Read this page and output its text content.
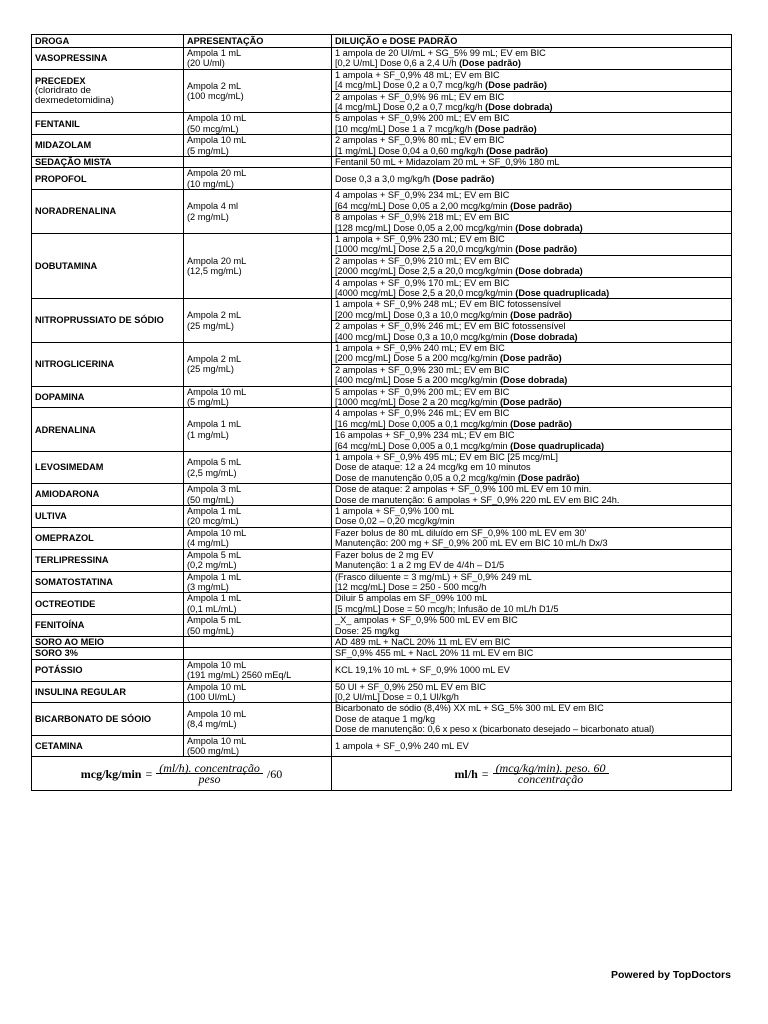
DROGA	APRESENTAÇÃO	DILUIÇÃO e DOSE PADRÃO

VASOPRESSINA	Ampola 1 mL
(20 U/ml)	1 ampola de 20 UI/mL + SG_5% 99 mL; EV em BIC
[0,2 U/mL] Dose 0,6 a 2,4 U/h (Dose padrão)

PRECEDEX
(cloridrato de
dexmedetomidina)	Ampola 2 mL
(100 mcg/mL)	1 ampola + SF_0,9% 48 mL; EV em BIC
[4 mcg/mL] Dose 0,2 a 0,7 mcg/kg/h (Dose padrão)

		2 ampolas + SF_0,9% 96 mL; EV em BIC
[4 mcg/mL] Dose 0,2 a 0,7 mcg/kg/h (Dose dobrada)

FENTANIL	Ampola 10 mL
(50 mcg/mL)	5 ampolas + SF_0,9% 200 mL; EV em BIC
[10 mcg/mL] Dose 1 a 7 mcg/kg/h (Dose padrão)

MIDAZOLAM	Ampola 10 mL
(5 mg/mL)	2 ampolas + SF_0,9% 80 mL; EV em BIC
[1 mg/mL] Dose 0,04 a 0,60 mg/kg/h (Dose padrão)

SEDAÇÃO MISTA		Fentanil 50 mL + Midazolam 20 mL + SF_0,9% 180 mL

PROPOFOL	Ampola 20 mL
(10 mg/mL)	Dose 0,3 a 3,0 mg/kg/h (Dose padrão)

NORADRENALINA	Ampola 4 ml
(2 mg/mL)	4 ampolas + SF_0,9% 234 mL; EV em BIC
[64 mcg/mL] Dose 0,05 a 2,00 mcg/kg/min (Dose padrão)

		8 ampolas + SF_0,9% 218 mL; EV em BIC
[128 mcg/mL] Dose 0,05 a 2,00 mcg/kg/min (Dose dobrada)

DOBUTAMINA	Ampola 20 mL
(12,5 mg/mL)	1 ampola + SF_0,9% 230 mL; EV em BIC
[1000 mcg/mL] Dose 2,5 a 20,0 mcg/kg/min (Dose padrão)

		2 ampolas + SF_0,9% 210 mL; EV em BIC
[2000 mcg/mL] Dose 2,5 a 20,0 mcg/kg/min (Dose dobrada)

		4 ampolas + SF_0,9% 170 mL; EV em BIC
[4000 mcg/mL] Dose 2,5 a 20,0 mcg/kg/min (Dose quadruplicada)

NITROPRUSSIATO DE SÓDIO	Ampola 2 mL
(25 mg/mL)	1 ampola + SF_0,9% 248 mL; EV em BIC fotossensível
[200 mcg/mL] Dose 0,3 a 10,0 mcg/kg/min (Dose padrão)

		2 ampolas + SF_0,9% 246 mL; EV em BIC fotossensível
[400 mcg/mL] Dose 0,3 a 10,0 mcg/kg/min (Dose dobrada)

NITROGLICERINA	Ampola 2 mL
(25 mg/mL)	1 ampola + SF_0,9% 240 mL; EV em BIC
[200 mcg/mL] Dose 5 a 200 mcg/kg/min (Dose padrão)

		2 ampolas + SF_0,9% 230 mL; EV em BIC
[400 mcg/mL] Dose 5 a 200 mcg/kg/min (Dose dobrada)

DOPAMINA	Ampola 10 mL
(5 mg/mL)	5 ampolas + SF_0,9% 200 mL; EV em BIC
[1000 mcg/mL] Dose 2 a 20 mcg/kg/min (Dose padrão)

ADRENALINA	Ampola 1 mL
(1 mg/mL)	4 ampolas + SF_0,9% 246 mL; EV em BIC
[16 mcg/mL] Dose 0,005 a 0,1 mcg/kg/min (Dose padrão)

		16 ampolas + SF_0,9% 234 mL; EV em BIC
[64 mcg/mL] Dose 0,005 a 0,1 mcg/kg/min (Dose quadruplicada)

LEVOSIMEDAM	Ampola 5 mL
(2,5 mg/mL)	1 ampola + SF_0,9% 495 mL; EV em BIC [25 mcg/mL]
Dose de ataque: 12 a 24 mcg/kg em 10 minutos
Dose de manutenção 0,05 a 0,2 mcg/kg/min (Dose padrão)

AMIODARONA	Ampola 3 mL
(50 mg/mL)	Dose de ataque: 2 ampolas + SF_0,9% 100 mL EV em 10 min.
Dose de manutenção: 6 ampolas + SF_0,9% 220 mL EV em BIC 24h.

ULTIVA	Ampola 1 mL
(20 mcg/mL)	1 ampola + SF_0,9% 100 mL
Dose 0,02 – 0,20 mcg/kg/min

OMEPRAZOL	Ampola 10 mL
(4 mg/mL)	Fazer bolus de 80 mL diluído em SF_0,9% 100 mL EV em 30’
Manutenção: 200 mg + SF_0,9% 200 mL EV em BIC 10 mL/h Dx/3

TERLIPRESSINA	Ampola 5 mL
(0,2 mg/mL)	Fazer bolus de 2 mg EV
Manutenção: 1 a 2 mg EV de 4/4h – D1/5

SOMATOSTATINA	Ampola 1 mL
(3 mg/mL)	(Frasco diluente = 3 mg/mL) + SF_0,9% 249 mL
[12 mcg/mL] Dose = 250 - 500 mcg/h

OCTREOTIDE	Ampola 1 mL
(0,1 mL/mL)	Diluir 5 ampolas em SF_09% 100 mL
[5 mcg/mL] Dose = 50 mcg/h; Infusão de 10 mL/h D1/5

FENITOÍNA	Ampola 5 mL
(50 mg/mL)	_X_ ampolas + SF_0,9% 500 mL EV em BIC
Dose: 25 mg/kg

SORO AO MEIO		AD 489 mL + NaCL 20% 11 mL EV em BIC

SORO 3%		SF_0,9% 455 mL + NacL 20% 11 mL EV em BIC

POTÁSSIO	Ampola 10 mL
(191 mg/mL) 2560 mEq/L	KCL 19,1% 10 mL + SF_0,9% 1000 mL EV

INSULINA REGULAR	Ampola 10 mL
(100 UI/mL)	50 UI + SF_0,9% 250 mL EV em BIC
[0,2 UI/mL] Dose = 0,1 UI/kg/h

BICARBONATO DE SÓOIO	Ampola 10 mL
(8,4 mg/mL)	Bicarbonato de sódio (8,4%) XX mL + SG_5% 300 mL EV em BIC
Dose de ataque 1 mg/kg
Dose de manutenção: 0,6 x peso x (bicarbonato desejado – bicarbonato atual)

CETAMINA	Ampola 10 mL
(500 mg/mL)	1 ampola + SF_0,9% 240 mL EV
$mcg/kg/\min = \frac{\text{(ml/h). concentração}}{\text{peso}} /60$	$ml/h = \frac{\text{(mcg/kg/min). peso. 60}}{\text{concentração}}$
Powered by TopDoctors
